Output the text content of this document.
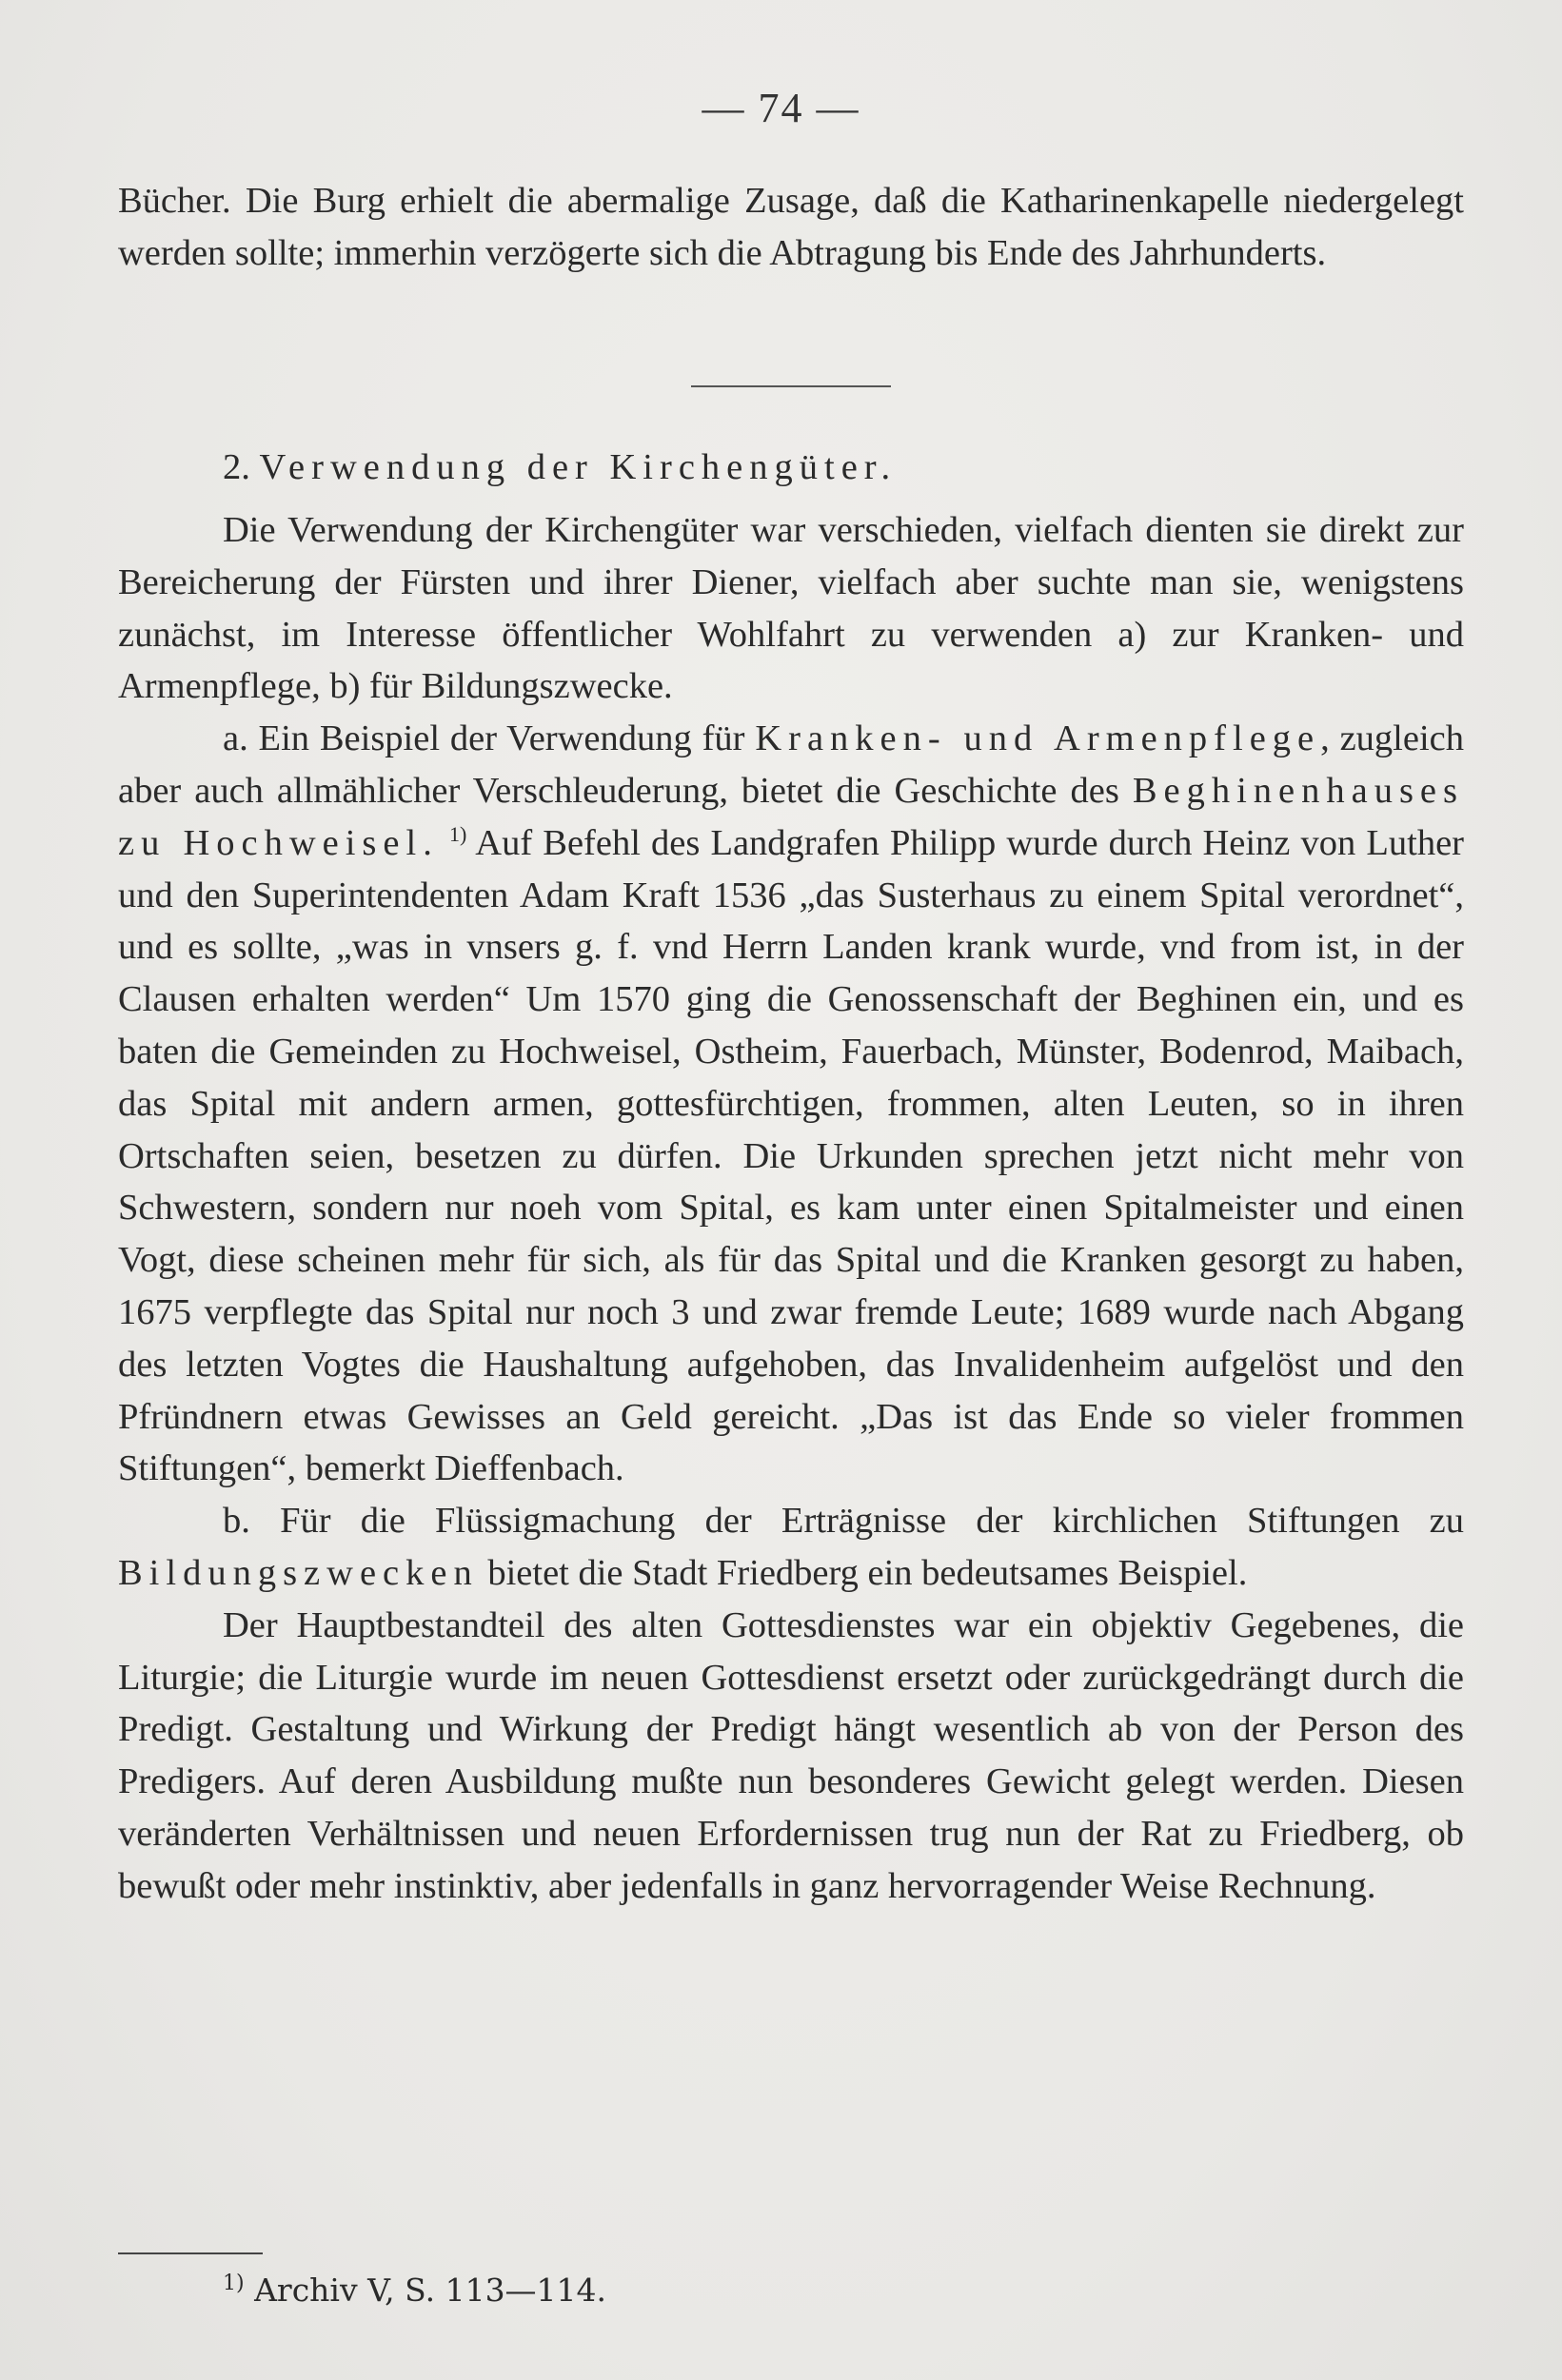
— 74 —

Bücher. Die Burg erhielt die abermalige Zusage, daß die Katharinenkapelle niedergelegt werden sollte; immerhin verzögerte sich die Abtragung bis Ende des Jahrhunderts.

2. Verwendung der Kirchengüter.

Die Verwendung der Kirchengüter war verschieden, vielfach dienten sie direkt zur Bereicherung der Fürsten und ihrer Diener, vielfach aber suchte man sie, wenigstens zunächst, im Interesse öffentlicher Wohlfahrt zu verwenden a) zur Kranken- und Armenpflege, b) für Bildungszwecke.

a. Ein Beispiel der Verwendung für Kranken- und Armenpflege, zugleich aber auch allmählicher Verschleuderung, bietet die Geschichte des Beghinenhauses zu Hochweisel. $^{1)}$ Auf Befehl des Landgrafen Philipp wurde durch Heinz von Luther und den Superintendenten Adam Kraft 1536 „das Susterhaus zu einem Spital verordnet“, und es sollte, „was in vnsers g. f. vnd Herrn Landen krank wurde, vnd from ist, in der Clausen erhalten werden“ Um 1570 ging die Genossenschaft der Beghinen ein, und es baten die Gemeinden zu Hochweisel, Ostheim, Fauerbach, Münster, Bodenrod, Maibach, das Spital mit andern armen, gottesfürchtigen, frommen, alten Leuten, so in ihren Ortschaften seien, besetzen zu dürfen. Die Urkunden sprechen jetzt nicht mehr von Schwestern, sondern nur noeh vom Spital, es kam unter einen Spitalmeister und einen Vogt, diese scheinen mehr für sich, als für das Spital und die Kranken gesorgt zu haben, 1675 verpflegte das Spital nur noch 3 und zwar fremde Leute; 1689 wurde nach Abgang des letzten Vogtes die Haushaltung aufgehoben, das Invalidenheim aufgelöst und den Pfründnern etwas Gewisses an Geld gereicht. „Das ist das Ende so vieler frommen Stiftungen“, bemerkt Dieffenbach.

b. Für die Flüssigmachung der Erträgnisse der kirchlichen Stiftungen zu Bildungszwecken bietet die Stadt Friedberg ein bedeutsames Beispiel.

Der Hauptbestandteil des alten Gottesdienstes war ein objektiv Gegebenes, die Liturgie; die Liturgie wurde im neuen Gottesdienst ersetzt oder zurückgedrängt durch die Predigt. Gestaltung und Wirkung der Predigt hängt wesentlich ab von der Person des Predigers. Auf deren Ausbildung mußte nun besonderes Gewicht gelegt werden. Diesen veränderten Verhältnissen und neuen Erfordernissen trug nun der Rat zu Friedberg, ob bewußt oder mehr instinktiv, aber jedenfalls in ganz hervorragender Weise Rechnung.

$^{1)}$ Archiv V, S. 113—114.
